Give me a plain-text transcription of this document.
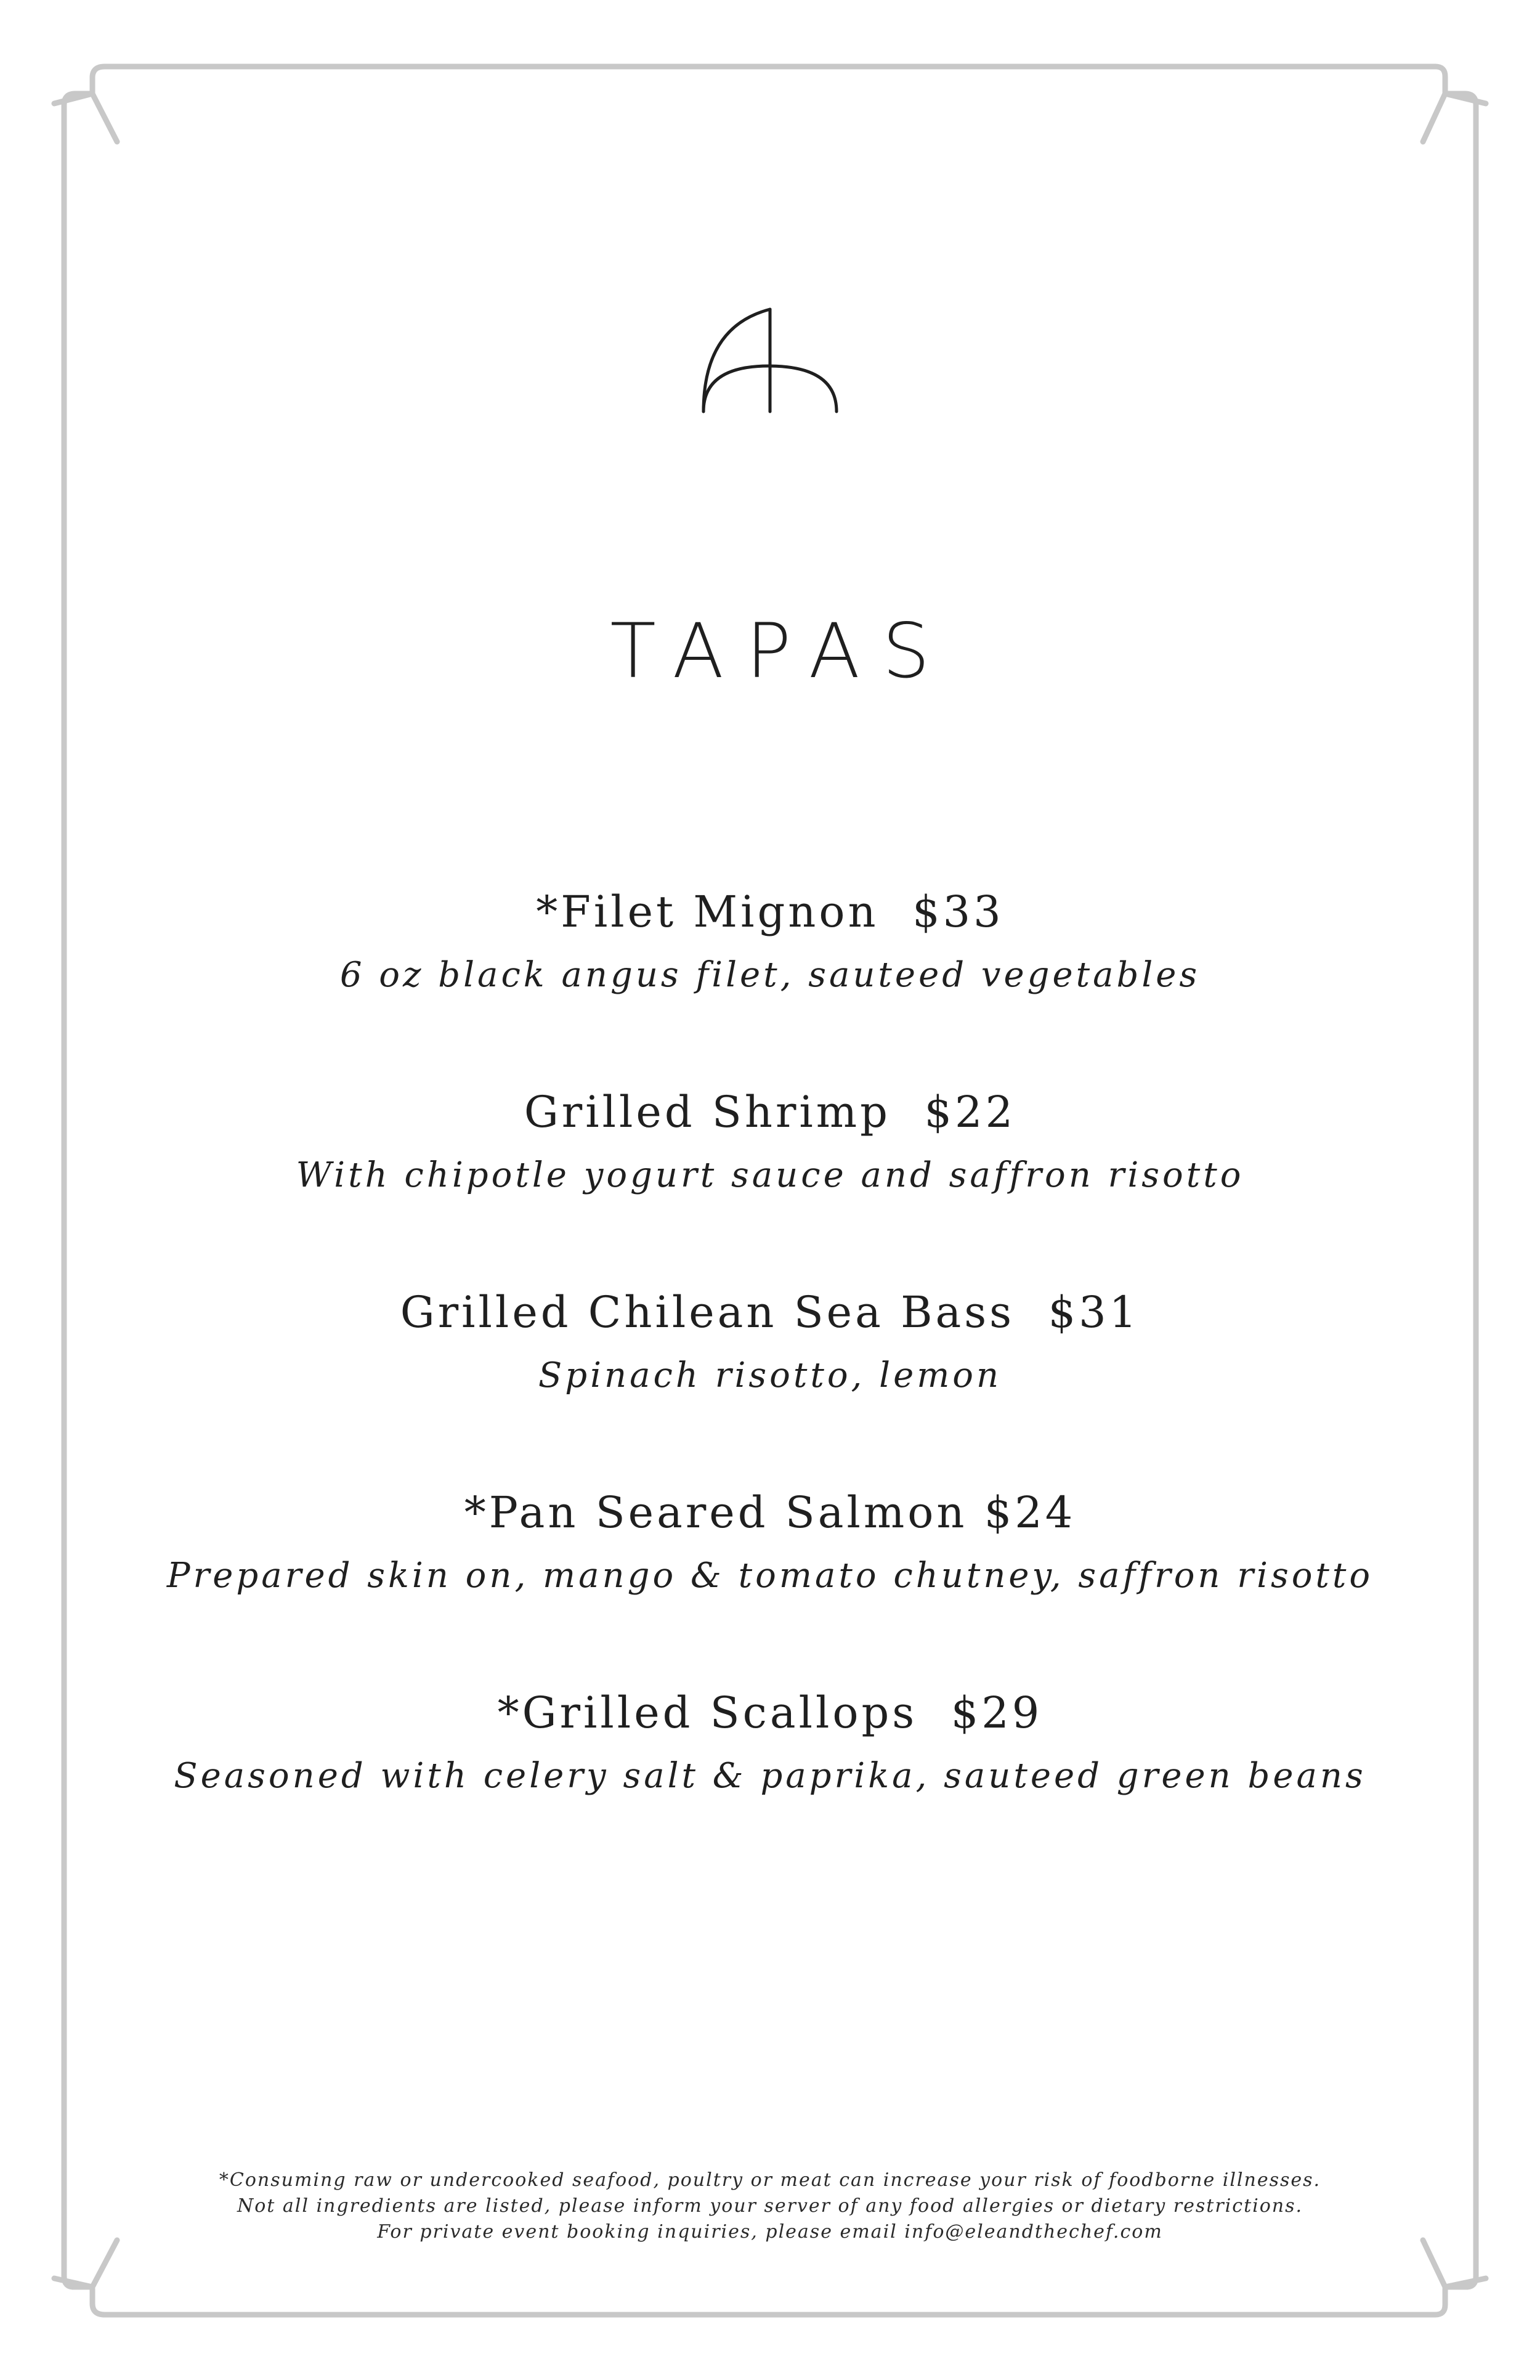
TAPAS
*Filet Mignon  $33
6 oz black angus filet, sauteed vegetables
Grilled Shrimp  $22
With chipotle yogurt sauce and saffron risotto
Grilled Chilean Sea Bass  $31
Spinach risotto, lemon
*Pan Seared Salmon $24
Prepared skin on, mango & tomato chutney, saffron risotto
*Grilled Scallops  $29
Seasoned with celery salt & paprika, sauteed green beans
*Consuming raw or undercooked seafood, poultry or meat can increase your risk of foodborne illnesses.
Not all ingredients are listed, please inform your server of any food allergies or dietary restrictions.
For private event booking inquiries, please email info@eleandthechef.com
